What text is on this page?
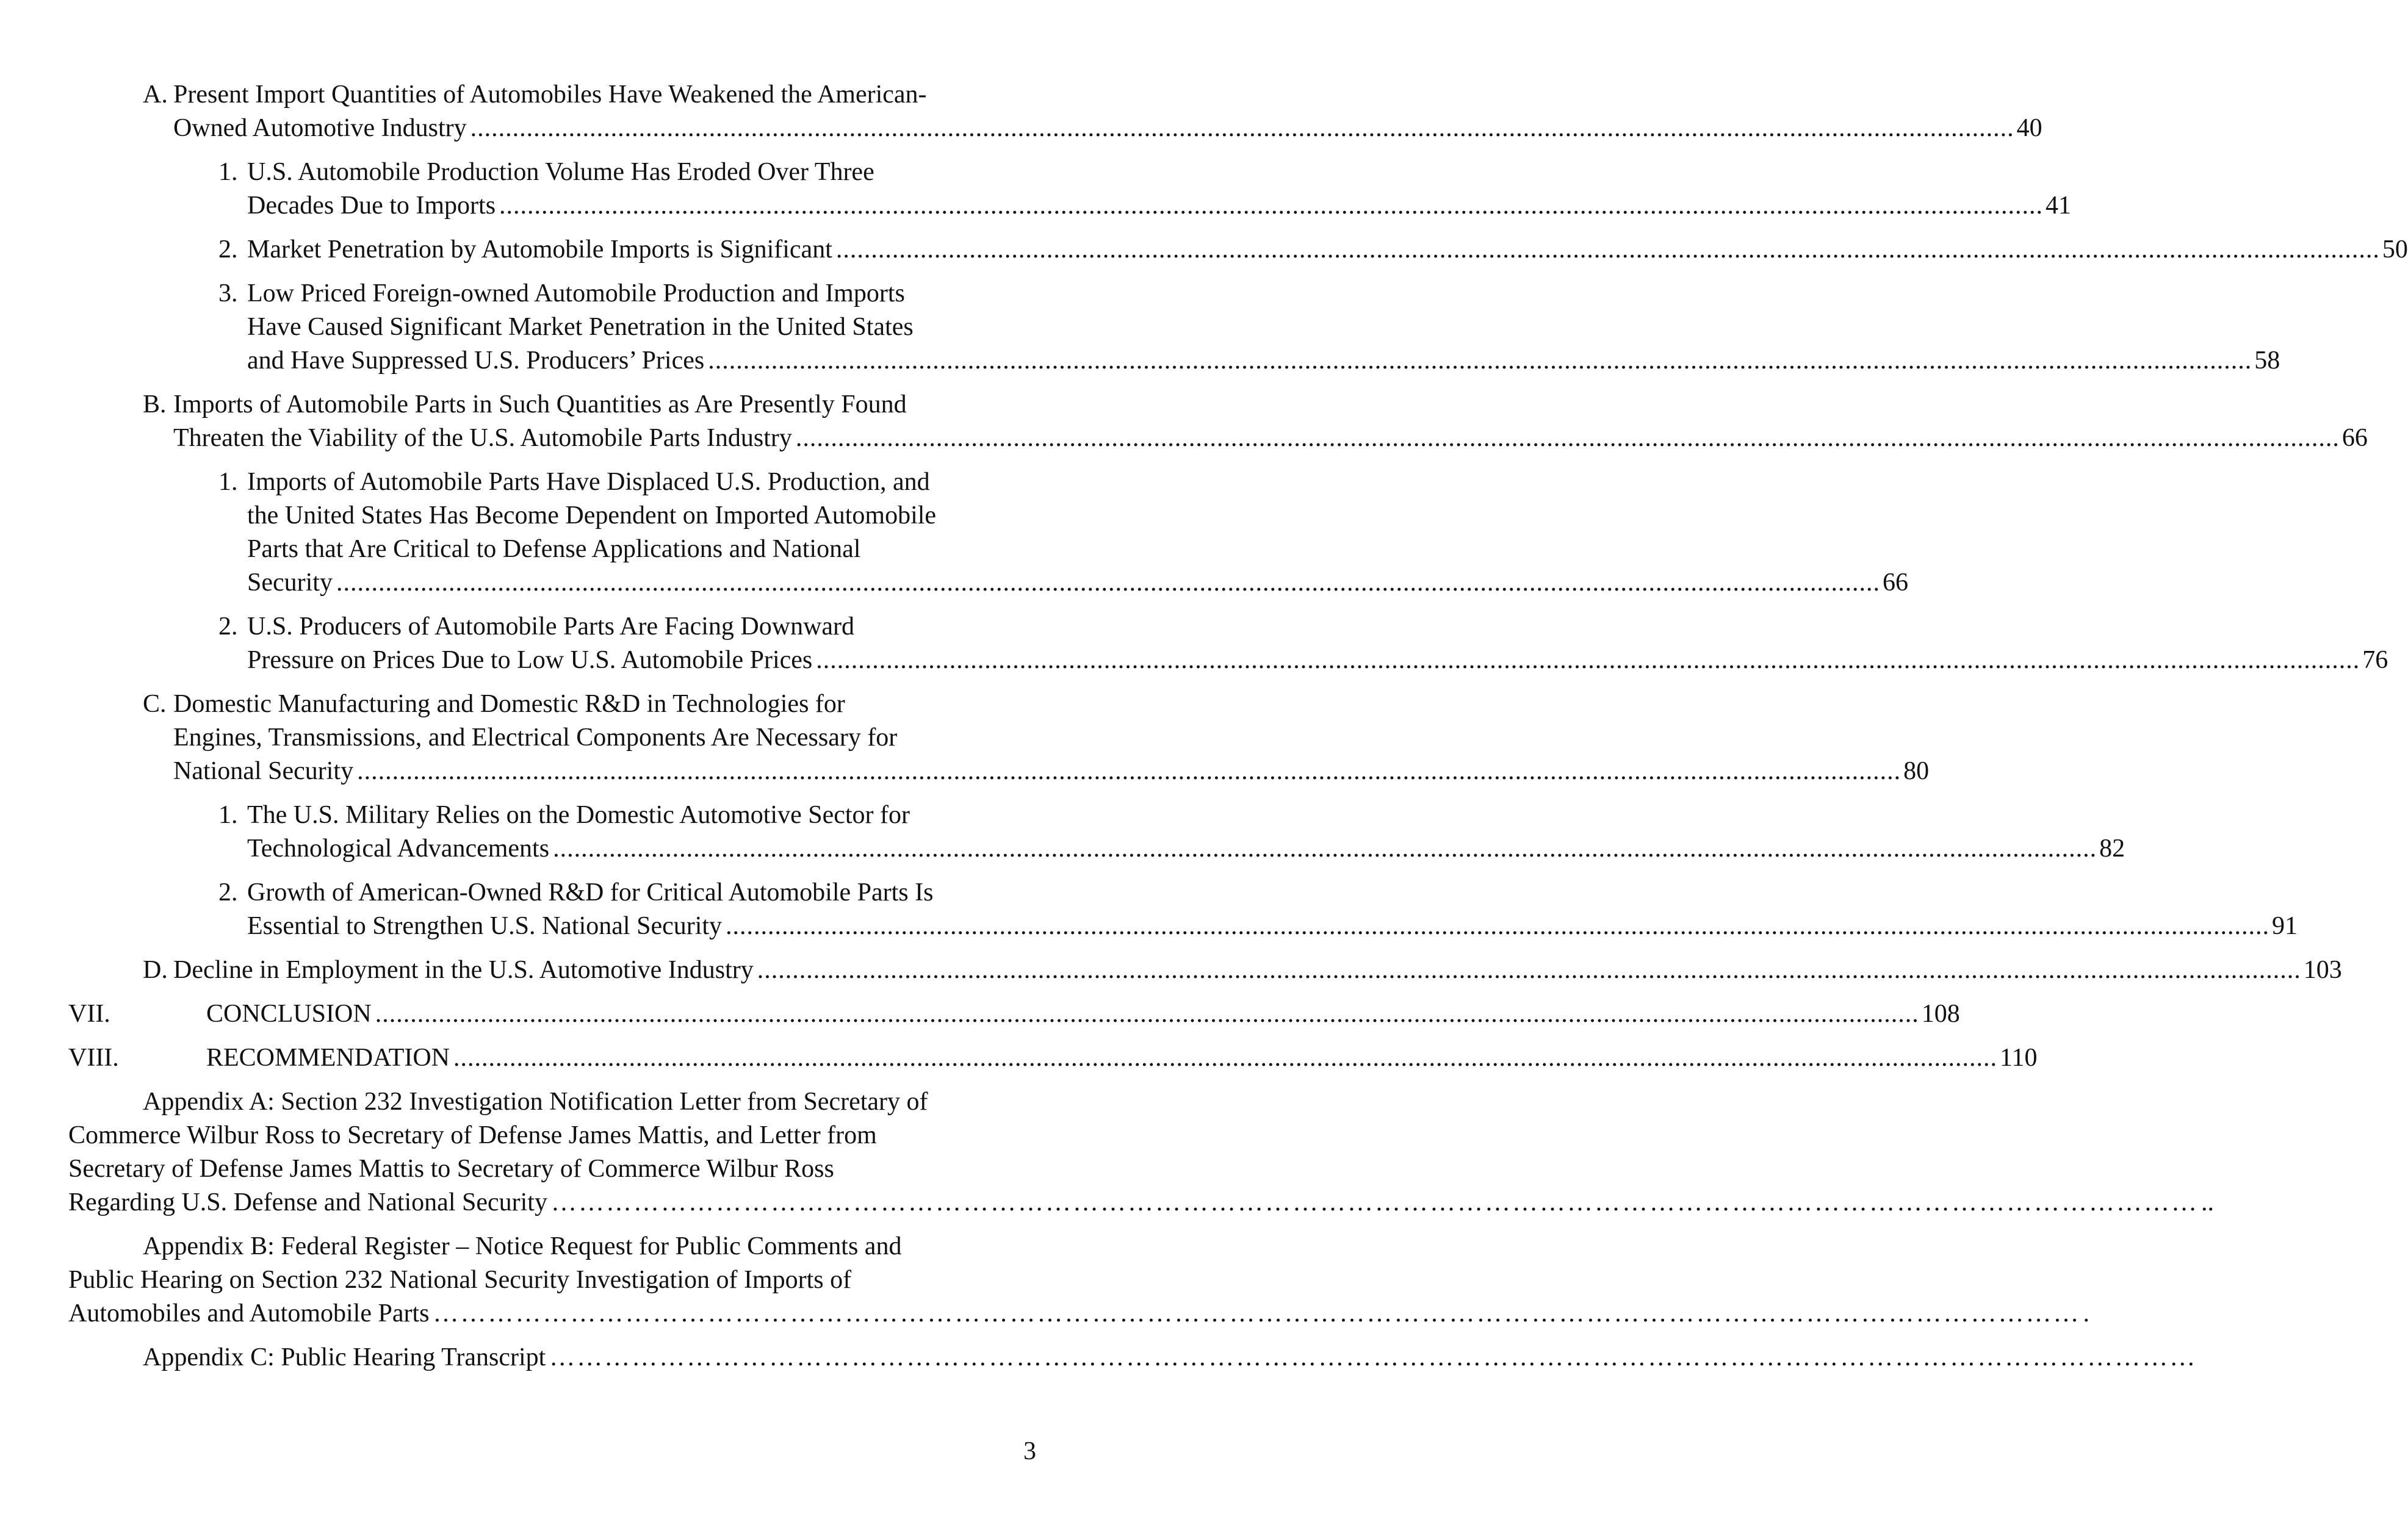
A. Present Import Quantities of Automobiles Have Weakened the American-
Owned Automotive Industry ............................................................................................................................................................................................................................ 40
1. U.S. Automobile Production Volume Has Eroded Over Three
Decades Due to Imports ............................................................................................................................................................................................................................ 41
2. Market Penetration by Automobile Imports is Significant ............................................................................................................................................................................................................................ 50
3. Low Priced Foreign-owned Automobile Production and Imports
Have Caused Significant Market Penetration in the United States
and Have Suppressed U.S. Producers’ Prices ............................................................................................................................................................................................................................ 58
B. Imports of Automobile Parts in Such Quantities as Are Presently Found
Threaten the Viability of the U.S. Automobile Parts Industry ............................................................................................................................................................................................................................ 66
1. Imports of Automobile Parts Have Displaced U.S. Production, and
the United States Has Become Dependent on Imported Automobile
Parts that Are Critical to Defense Applications and National
Security ............................................................................................................................................................................................................................ 66
2. U.S. Producers of Automobile Parts Are Facing Downward
Pressure on Prices Due to Low U.S. Automobile Prices ............................................................................................................................................................................................................................ 76
C. Domestic Manufacturing and Domestic R&D in Technologies for
Engines, Transmissions, and Electrical Components Are Necessary for
National Security ............................................................................................................................................................................................................................ 80
1. The U.S. Military Relies on the Domestic Automotive Sector for
Technological Advancements ............................................................................................................................................................................................................................ 82
2. Growth of American-Owned R&D for Critical Automobile Parts Is
Essential to Strengthen U.S. National Security ............................................................................................................................................................................................................................ 91
D. Decline in Employment in the U.S. Automotive Industry ............................................................................................................................................................................................................................ 103
VII.	CONCLUSION ............................................................................................................................................................................................................................ 108
VIII.	RECOMMENDATION ............................................................................................................................................................................................................................ 110
Appendix A: Section 232 Investigation Notification Letter from Secretary of
Commerce Wilbur Ross to Secretary of Defense James Mattis, and Letter from
Secretary of Defense James Mattis to Secretary of Commerce Wilbur Ross
Regarding U.S. Defense and National Security ……………………………………………………………………………………………………………………………………………………………… ..
Appendix B: Federal Register – Notice Request for Public Comments and
Public Hearing on Section 232 National Security Investigation of Imports of
Automobiles and Automobile Parts ……………………………………………………………………………………………………………………………………………………………… .
Appendix C: Public Hearing Transcript ………………………………………………………………………………………………………………………………………………………………
3
